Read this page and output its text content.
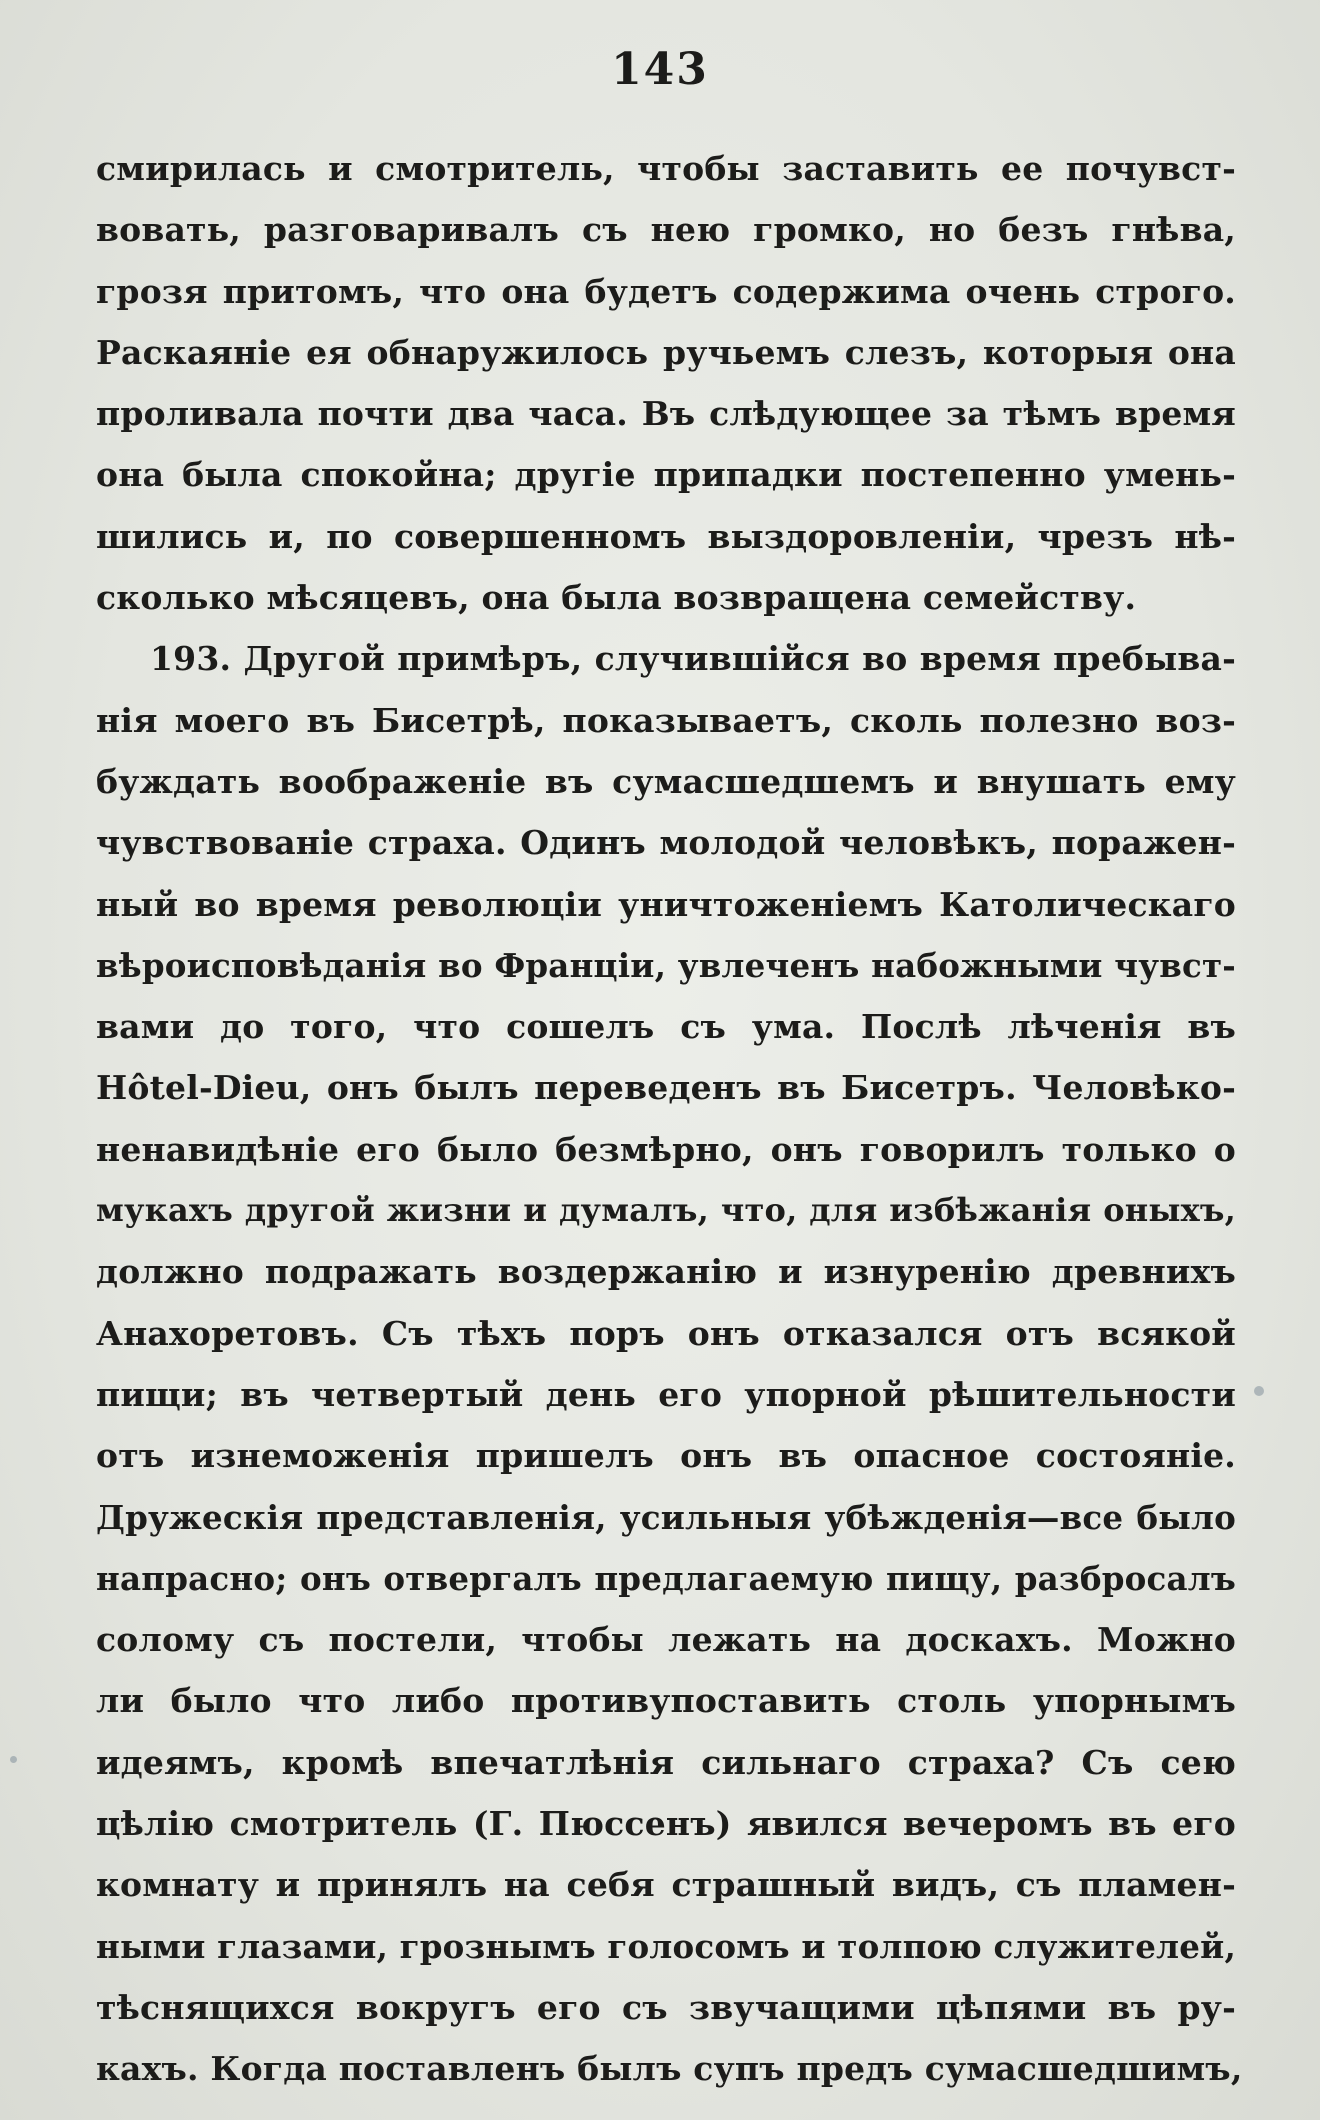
143
смирилась и смотритель, чтобы заставить ее почувст-
вовать, разговаривалъ съ нею громко, но безъ гнѣва,
грозя притомъ, что она будетъ содержима очень строго.
Раскаяніе ея обнаружилось ручьемъ слезъ, которыя она
проливала почти два часа. Въ слѣдующее за тѣмъ время
она была спокойна; другіе припадки постепенно умень-
шились и, по совершенномъ выздоровленіи, чрезъ нѣ-
сколько мѣсяцевъ, она была возвращена семейству.
193. Другой примѣръ, случившійся во время пребыва-
нія моего въ Бисетрѣ, показываетъ, сколь полезно воз-
буждать воображеніе въ сумасшедшемъ и внушать ему
чувствованіе страха. Одинъ молодой человѣкъ, поражен-
ный во время революціи уничтоженіемъ Католическаго
вѣроисповѣданія во Франціи, увлеченъ набожными чувст-
вами до того, что сошелъ съ ума. Послѣ лѣченія въ
Hôtel-Dieu, онъ былъ переведенъ въ Бисетръ. Человѣко-
ненавидѣніе его было безмѣрно, онъ говорилъ только о
мукахъ другой жизни и думалъ, что, для избѣжанія оныхъ,
должно подражать воздержанію и изнуренію древнихъ
Анахоретовъ. Съ тѣхъ поръ онъ отказался отъ всякой
пищи; въ четвертый день его упорной рѣшительности
отъ изнеможенія пришелъ онъ въ опасное состояніе.
Дружескія представленія, усильныя убѣжденія—все было
напрасно; онъ отвергалъ предлагаемую пищу, разбросалъ
солому съ постели, чтобы лежать на доскахъ. Можно
ли было что либо противупоставить столь упорнымъ
идеямъ, кромѣ впечатлѣнія сильнаго страха? Съ сею
цѣлію смотритель (Г. Пюссенъ) явился вечеромъ въ его
комнату и принялъ на себя страшный видъ, съ пламен-
ными глазами, грознымъ голосомъ и толпою служителей,
тѣснящихся вокругъ его съ звучащими цѣпями въ ру-
кахъ. Когда поставленъ былъ супъ предъ сумасшедшимъ,
